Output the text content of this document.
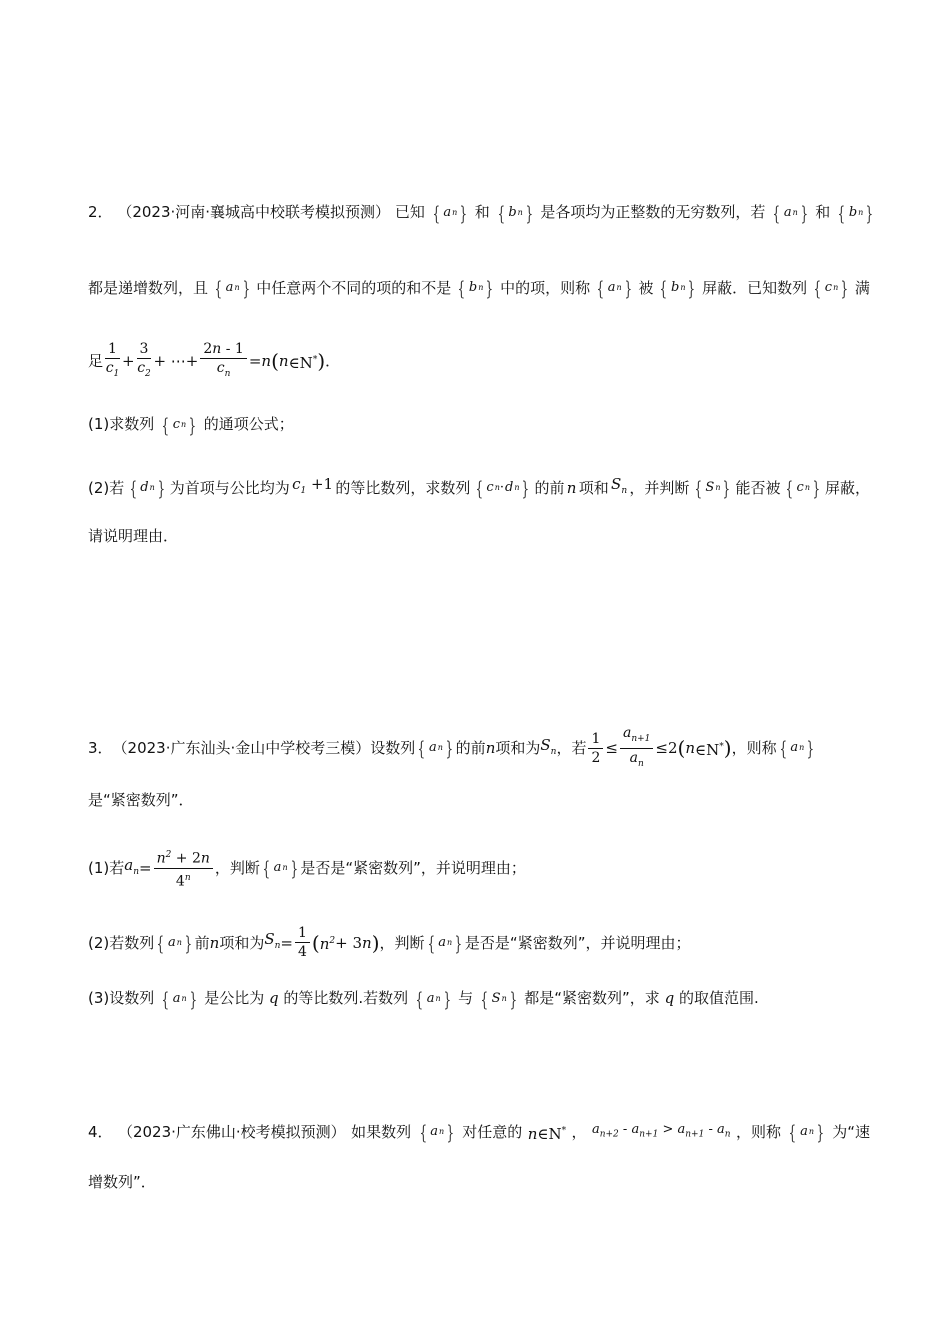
2． （2023·河南·襄城高中校联考模拟预测） 已知 { a n } 和 { b n } 是各项均为正整数的无穷数列，若 { a n } 和 { b n }
都是递增数列，且 { a n } 中任意两个不同的项的和不是 { b n } 中的项，则称 { a n } 被 { b n } 屏蔽．已知数列 { c n } 满
足 $\frac{1}{c_1} + \frac{3}{c_2}$ + ⋯+ $\frac{2n - 1}{c_n} = n$ ( n ∈N* ) ．
(1)求数列 { c n } 的通项公式；
(2)若 { d n } 为首项与公比均为 $c_1 +1$ 的等比数列，求数列 { c n · d n } 的前 n 项和 $S_n$ ，并判断 { S n } 能否被 { c n } 屏蔽，
请说明理由．
3． （2023·广东汕头·金山中学校考三模） 设数列 { a n } 的前 n 项和为 $S_n$ ，若 $\frac{1}{2} \le \frac{a_{n+1}}{a_n} \le 2$ ( n ∈N* ) ，则称 { a n }
是“紧密数列”．
(1)若 $a_n = \frac{n^2 + 2n}{4^n}$ ，判断 { a n } 是否是“紧密数列”，并说明理由；
(2)若数列 { a n } 前 n 项和为 $S_n = \frac{1}{4}$ ( $n^2 + 3$ n ) ，判断 { a n } 是否是“紧密数列”，并说明理由；
(3)设数列 { a n } 是公比为 q 的等比数列.若数列 { a n } 与 { S n } 都是“紧密数列”，求 q 的取值范围.
4． （2023·广东佛山·校考模拟预测） 如果数列 { a n } 对任意的 n∈N* ， $a_{n+2} - a_{n+1} > a_{n+1} - a_n$ ，则称 { a n } 为“速
增数列”．
